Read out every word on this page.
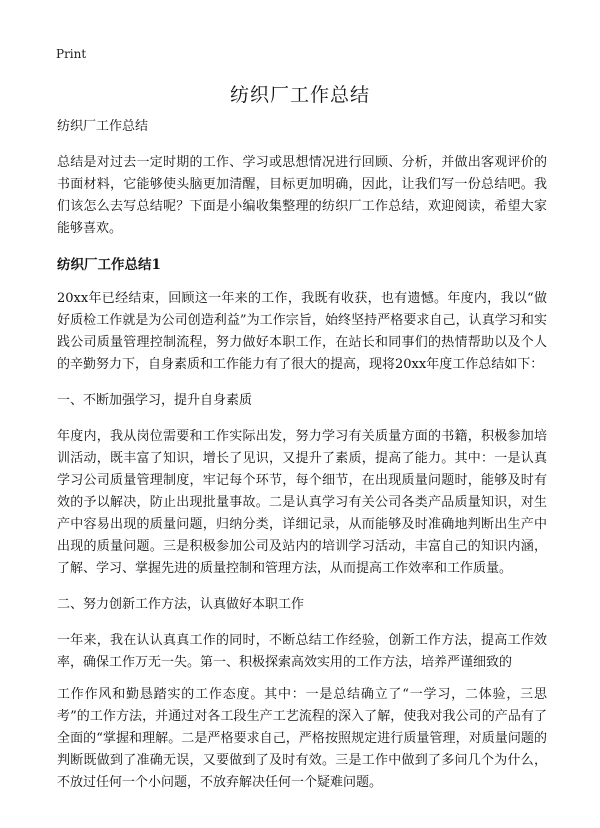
Print
纺织厂工作总结

纺织厂工作总结

总结是对过去一定时期的工作、学习或思想情况进行回顾、分析，并做出客观评价的书面材料，它能够使头脑更加清醒，目标更加明确，因此，让我们写一份总结吧。我们该怎么去写总结呢？下面是小编收集整理的纺织厂工作总结，欢迎阅读，希望大家能够喜欢。

纺织厂工作总结1

20xx年已经结束，回顾这一年来的工作，我既有收获，也有遗憾。年度内，我以“做好质检工作就是为公司创造利益”为工作宗旨，始终坚持严格要求自己，认真学习和实践公司质量管理控制流程，努力做好本职工作，在站长和同事们的热情帮助以及个人的辛勤努力下，自身素质和工作能力有了很大的提高，现将20xx年度工作总结如下：

一、不断加强学习，提升自身素质

年度内，我从岗位需要和工作实际出发，努力学习有关质量方面的书籍，积极参加培训活动，既丰富了知识，增长了见识，又提升了素质，提高了能力。其中：一是认真学习公司质量管理制度，牢记每个环节，每个细节，在出现质量问题时，能够及时有效的予以解决，防止出现批量事故。二是认真学习有关公司各类产品质量知识，对生产中容易出现的质量问题，归纳分类，详细记录，从而能够及时准确地判断出生产中出现的质量问题。三是积极参加公司及站内的培训学习活动，丰富自己的知识内涵，了解、学习、掌握先进的质量控制和管理方法，从而提高工作效率和工作质量。

二、努力创新工作方法，认真做好本职工作

一年来，我在认认真真工作的同时，不断总结工作经验，创新工作方法，提高工作效率，确保工作万无一失。第一、积极探索高效实用的工作方法，培养严谨细致的

工作作风和勤恳踏实的工作态度。其中：一是总结确立了“一学习，二体验，三思考”的工作方法，并通过对各工段生产工艺流程的深入了解，使我对我公司的产品有了全面的“掌握和理解。二是严格要求自己，严格按照规定进行质量管理，对质量问题的判断既做到了准确无误，又要做到了及时有效。三是工作中做到了多问几个为什么，不放过任何一个小问题，不放弃解决任何一个疑难问题。
